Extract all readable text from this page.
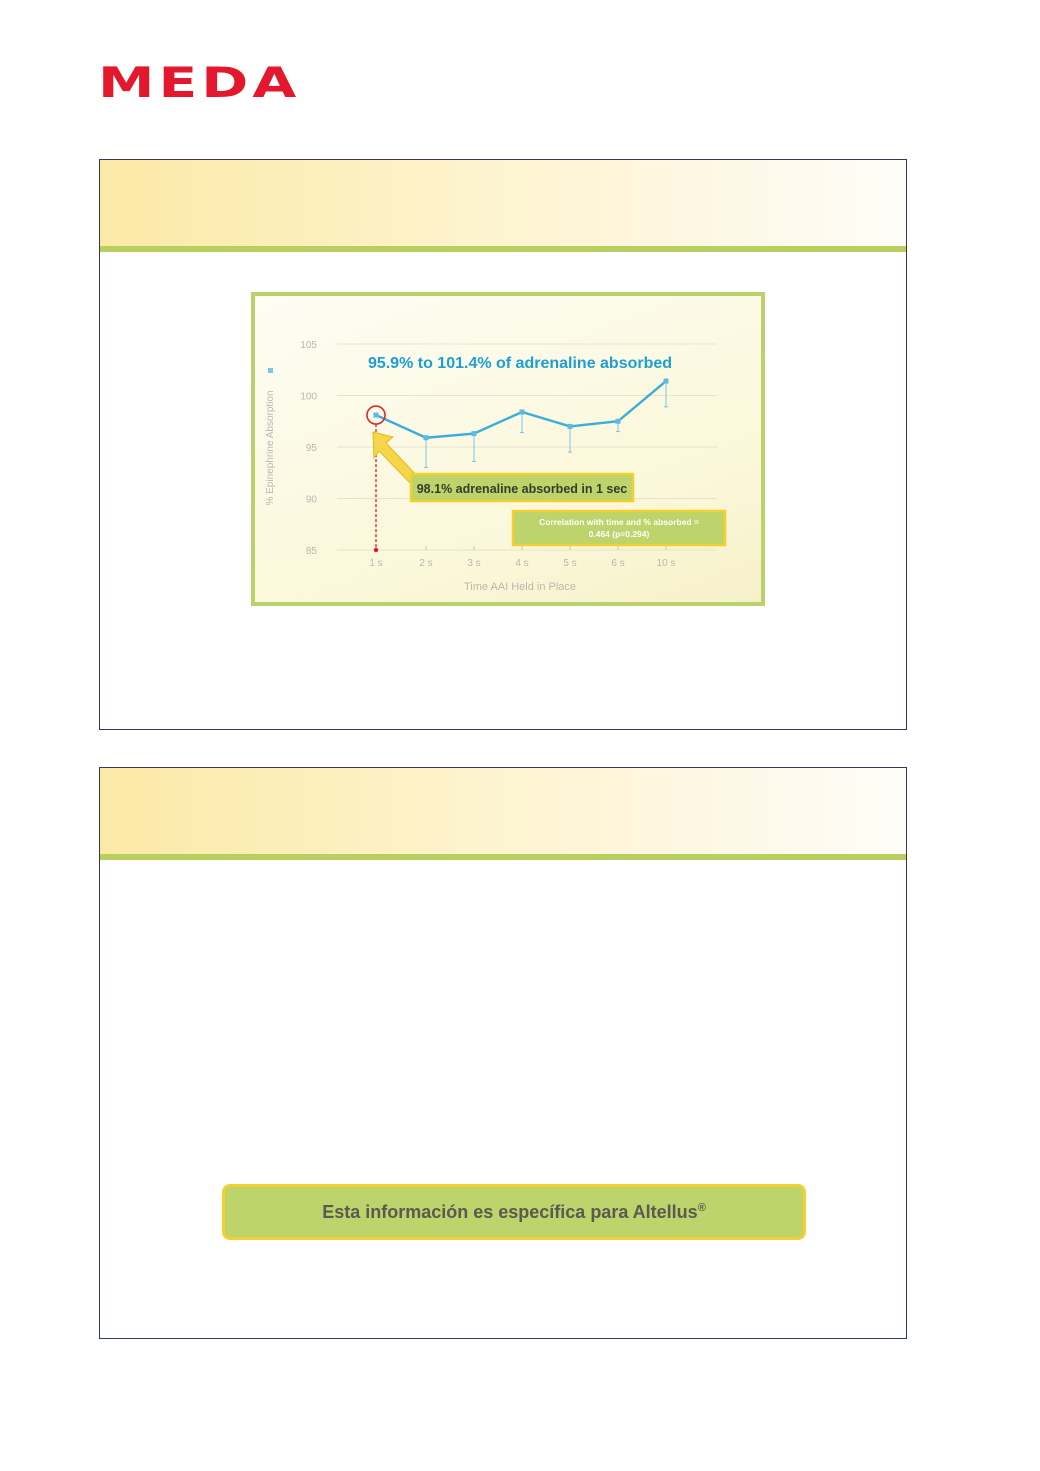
MEDA
85
90
95
100
105
1 s	2 s	3 s	4 s	5 s	6 s	10 s
98.1% adrenaline absorbed in 1 sec
Correlation with time and % absorbed =
0.464 (p=0.294)
95.9% to 101.4% of adrenaline absorbed
Time AAI Held in Place
% Epinephrine Absorption
Esta información es específica para Altellus®
